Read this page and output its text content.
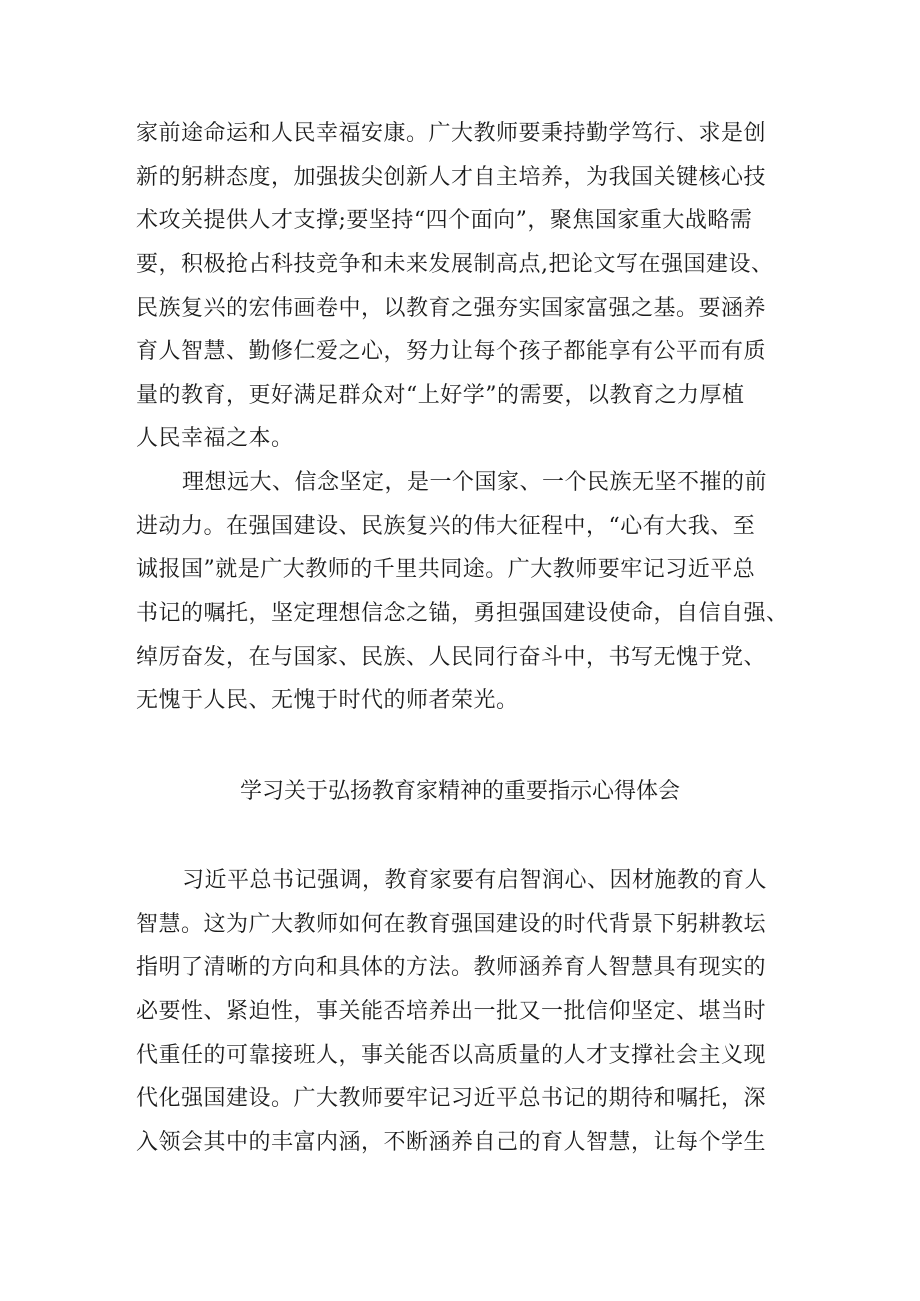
家前途命运和人民幸福安康。广大教师要秉持勤学笃行、求是创
新的躬耕态度，加强拔尖创新人才自主培养，为我国关键核心技
术攻关提供人才支撑;要坚持“四个面向”，聚焦国家重大战略需
要，积极抢占科技竞争和未来发展制高点,把论文写在强国建设、
民族复兴的宏伟画卷中，以教育之强夯实国家富强之基。要涵养
育人智慧、勤修仁爱之心，努力让每个孩子都能享有公平而有质
量的教育，更好满足群众对“上好学”的需要，以教育之力厚植
人民幸福之本。
理想远大、信念坚定，是一个国家、一个民族无坚不摧的前
进动力。在强国建设、民族复兴的伟大征程中，“心有大我、至
诚报国”就是广大教师的千里共同途。广大教师要牢记习近平总
书记的嘱托，坚定理想信念之锚，勇担强国建设使命，自信自强、
绰厉奋发，在与国家、民族、人民同行奋斗中，书写无愧于党、
无愧于人民、无愧于时代的师者荣光。
学习关于弘扬教育家精神的重要指示心得体会
习近平总书记强调，教育家要有启智润心、因材施教的育人
智慧。这为广大教师如何在教育强国建设的时代背景下躬耕教坛
指明了清晰的方向和具体的方法。教师涵养育人智慧具有现实的
必要性、紧迫性，事关能否培养出一批又一批信仰坚定、堪当时
代重任的可靠接班人，事关能否以高质量的人才支撑社会主义现
代化强国建设。广大教师要牢记习近平总书记的期待和嘱托，深
入领会其中的丰富内涵，不断涵养自己的育人智慧，让每个学生
